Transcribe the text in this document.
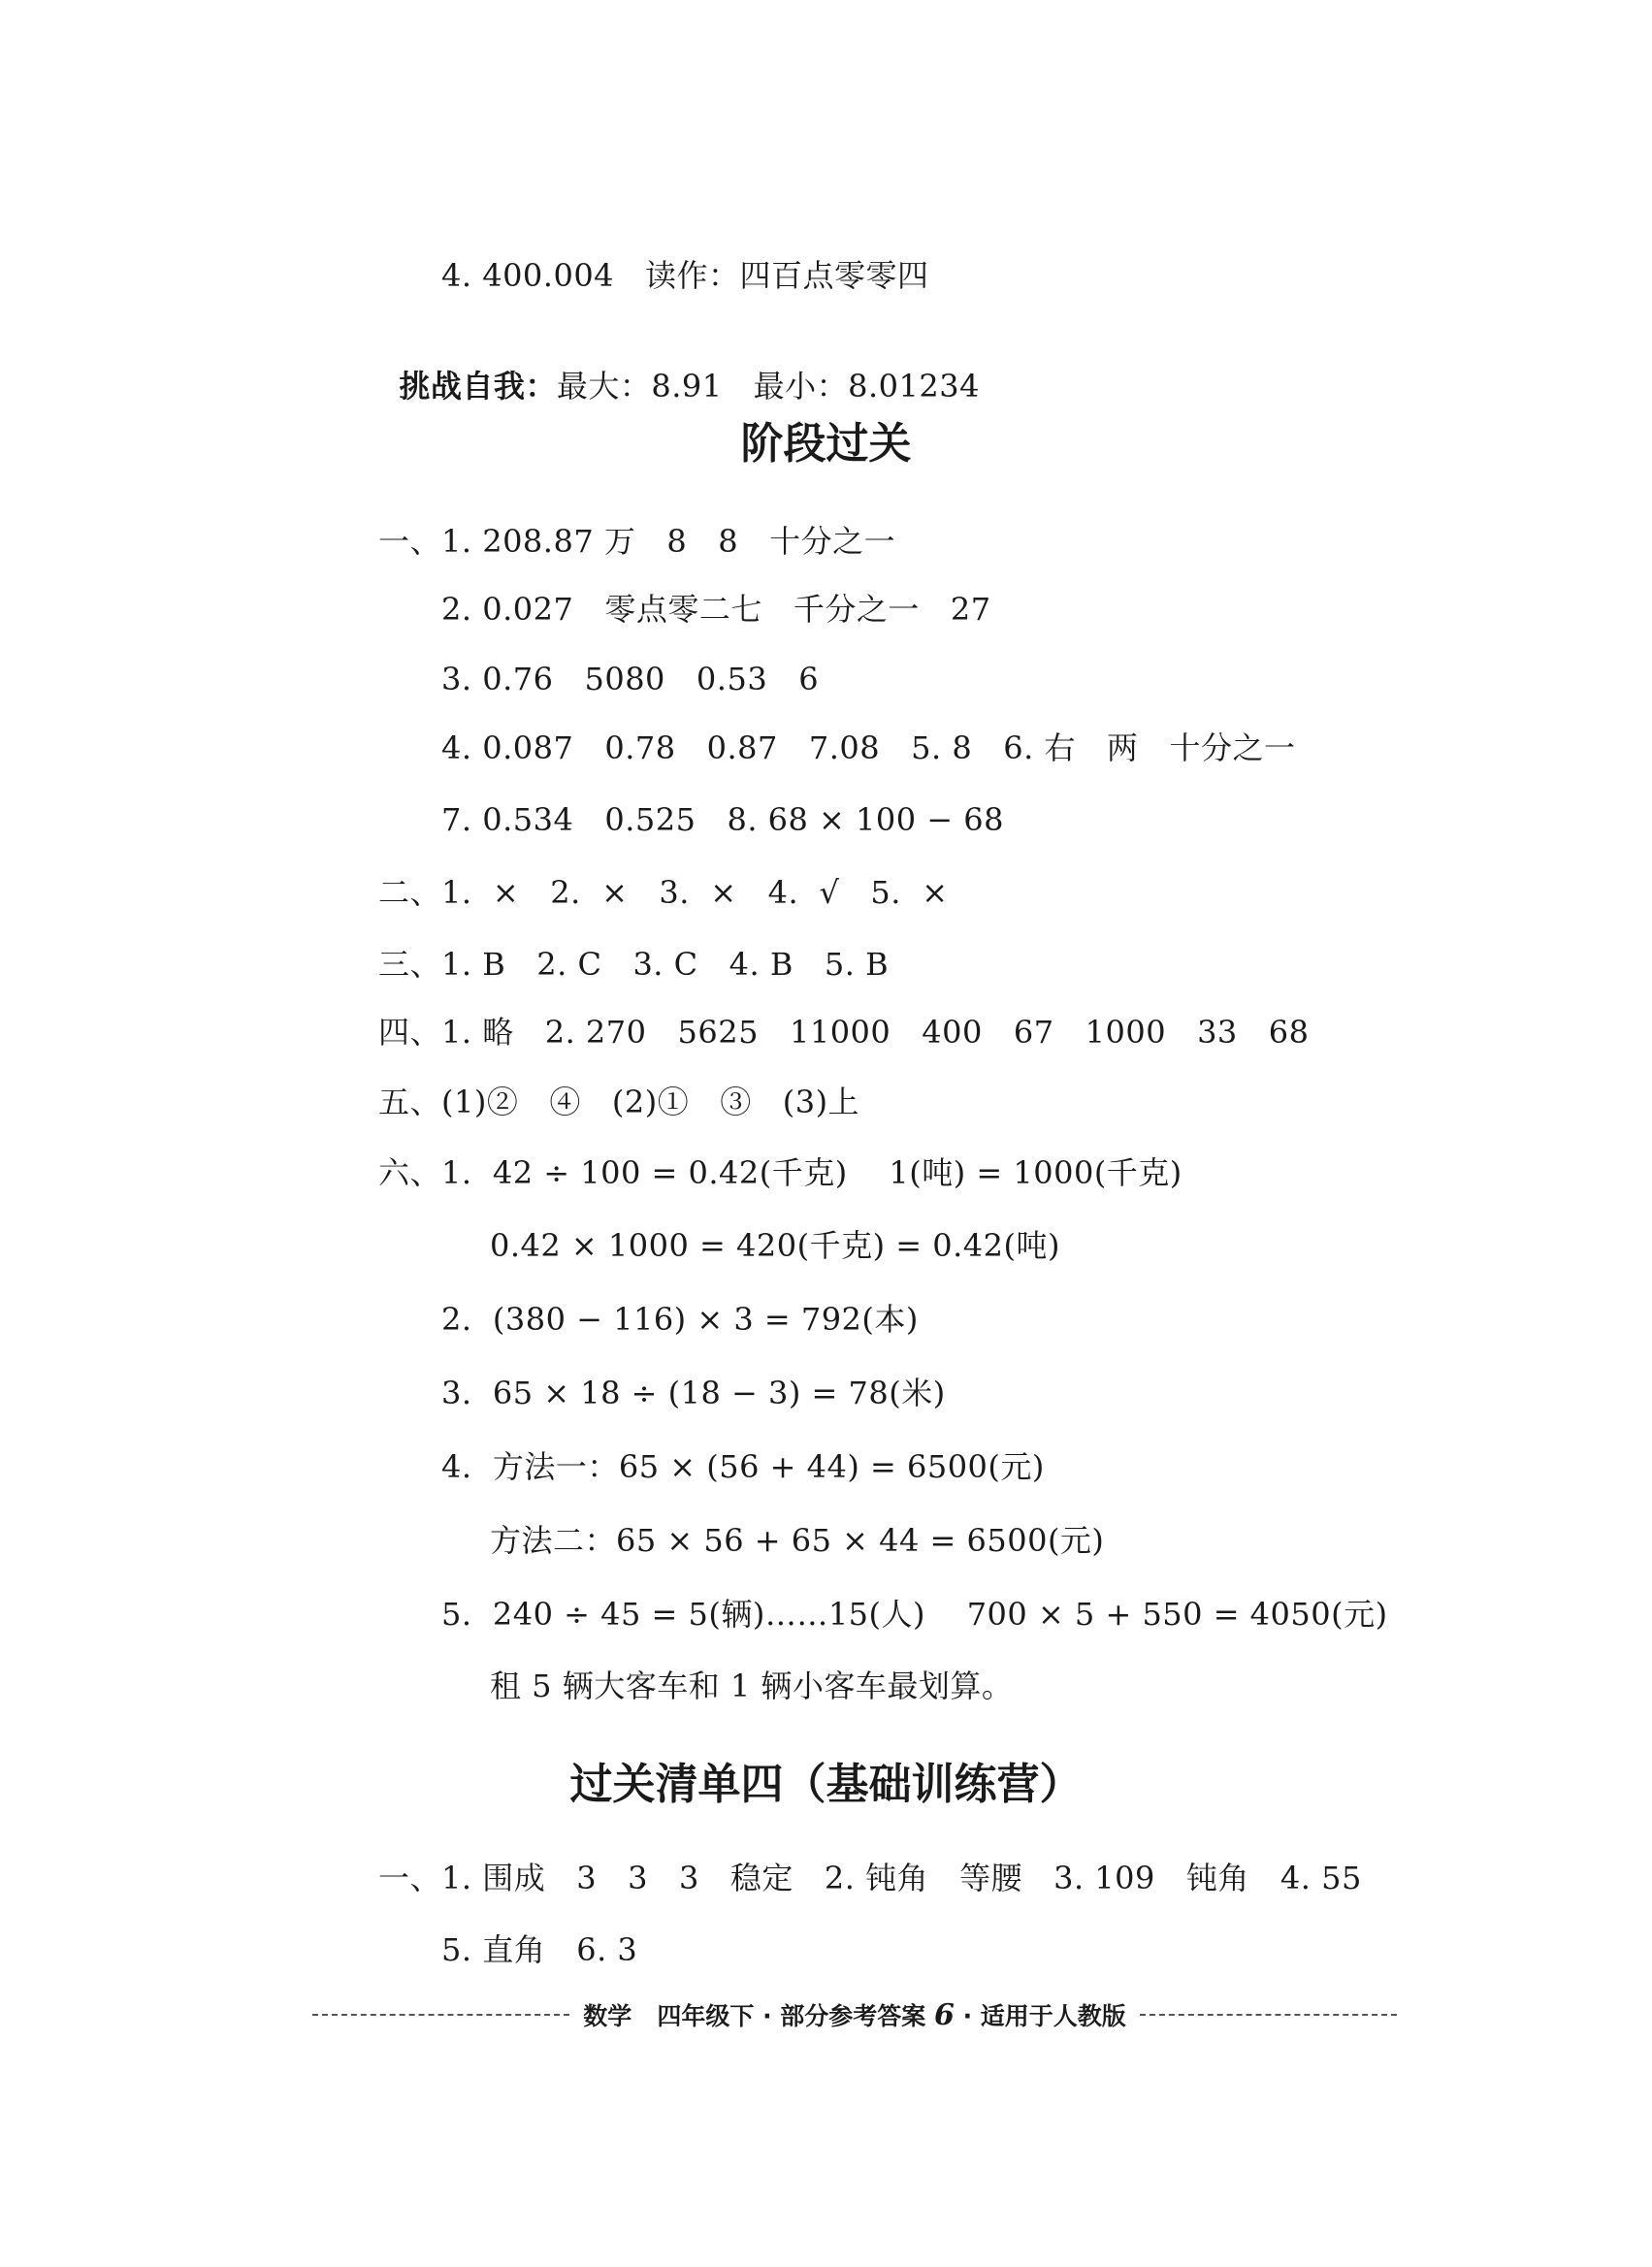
4. 400.004   读作：四百点零零四

挑战自我：最大：8.91   最小：8.01234

阶段过关
一、1. 208.87 万   8   8   十分之一
2. 0.027   零点零二七   千分之一   27
3. 0.76   5080   0.53   6
4. 0.087   0.78   0.87   7.08   5. 8   6. 右   两   十分之一
7. 0.534   0.525   8. 68 × 100 − 68
二、1.  ×   2.  ×   3.  ×   4.  √   5.  ×
三、1. B   2. C   3. C   4. B   5. B
四、1. 略   2. 270   5625   11000   400   67   1000   33   68
五、(1)②   ④   (2)①   ③   (3)上
六、1.  42 ÷ 100 = 0.42(千克)    1(吨) = 1000(千克)
0.42 × 1000 = 420(千克) = 0.42(吨)
2.  (380 − 116) × 3 = 792(本)
3.  65 × 18 ÷ (18 − 3) = 78(米)
4.  方法一：65 × (56 + 44) = 6500(元)
方法二：65 × 56 + 65 × 44 = 6500(元)
5.  240 ÷ 45 = 5(辆)……15(人)    700 × 5 + 550 = 4050(元)
租 5 辆大客车和 1 辆小客车最划算。
过关清单四（基础训练营）
一、1. 围成   3   3   3   稳定   2. 钝角   等腰   3. 109   钝角   4. 55
5. 直角   6. 3
数学   四年级下 · 部分参考答案 6 · 适用于人教版
